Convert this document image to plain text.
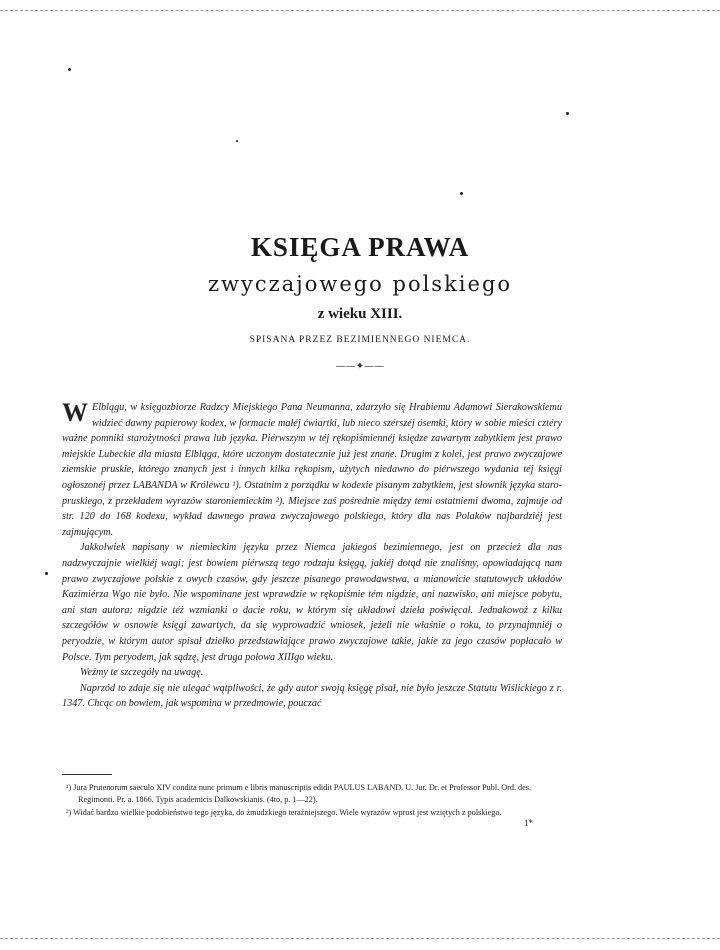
KSIĘGA PRAWA
zwyczajowego polskiego
z wieku XIII.
SPISANA PRZEZ BEZIMIENNEGO NIEMCA.
——✦——

W Elblągu, w księgozbiorze Radzcy Miejskiego Pana Neumanna, zdarzyło się Hrabiemu Adamowi Sierakowskiemu widzieć dawny papierowy kodex, w formacie małéj ćwiartki, lub nieco szérszéj ósemki, który w sobie mieści cztéry ważne pomniki starożytności prawa lub języka. Piérwszym w téj rękopiśmiennéj księdze zawartym zabytkiem jest prawo miejskie Lubeckie dla miasta Elbląga, które uczonym dostatecznie już jest znane. Drugim z kolei, jest prawo zwyczajowe ziemskie pruskie, którego znanych jest i innych kilka rękopism, użytych niedawno do piérwszego wydania téj księgi ogłoszonéj przez LABANDA w Królewcu ¹). Ostatnim z porządku w kodexie pisanym zabytkiem, jest słownik języka staro-pruskiego, z przekładem wyrazów staroniemieckim ²). Miejsce zaś pośrednie między temi ostatniemi dwoma, zajmuje od str. 120 do 168 kodexu, wykład dawnego prawa zwyczajowego polskiego, który dla nas Polaków najbardziéj jest zajmującym.

Jakkolwiek napisany w niemieckim języku przez Niemca jakiegoś bezimiennego, jest on przecież dla nas nadzwyczajnie wielkiéj wagi; jest bowiem piérwszą tego rodzaju księgą, jakiéj dotąd nie znaliśmy, opowiadającą nam prawo zwyczajowe polskie z owych czasów, gdy jeszcze pisanego prawodawstwa, a mianowicie statutowych układów Kazimiérza Wgo nie było. Nie wspominane jest wprawdzie w rękopiśmie tém nigdzie, ani nazwisko, ani miejsce pobytu, ani stan autora; nigdzie téż wzmianki o dacie roku, w którym się układowi dzieła poświęcał. Jednakowoż z kilku szczegółów w osnowie księgi zawartych, da się wyprowadzić wniosek, jeżeli nie właśnie o roku, to przynajmniéj o peryodzie, w którym autor spisał dziełko przedstawiające prawo zwyczajowe takie, jakie za jego czasów popłacało w Polsce. Tym peryodem, jak sądzę, jest druga połowa XIIIgo wieku.

Weźmy te szczegóły na uwagę.

Naprzód to zdaje się nie ulegać wątpliwości, że gdy autor swoją księgę pisał, nie było jeszcze Statutu Wiślickiego z r. 1347. Chcąc on bowiem, jak wspomina w przedmowie, pouczać

¹) Jura Prutenorum saeculo XIV condita nunc primum e libris manuscriptis edidit PAULUS LABAND. U. Jur. Dr. et Professor Publ. Ord. des. Regimonti. Pr. a. 1866. Typis academicis Dalkowskianis. (4to, p. 1—22).

²) Widać bardzo wielkie podobieństwo tego języka, do żmudzkiego teraźniejszego. Wiele wyrazów wprost jest wziętych z polskiego.

1*
